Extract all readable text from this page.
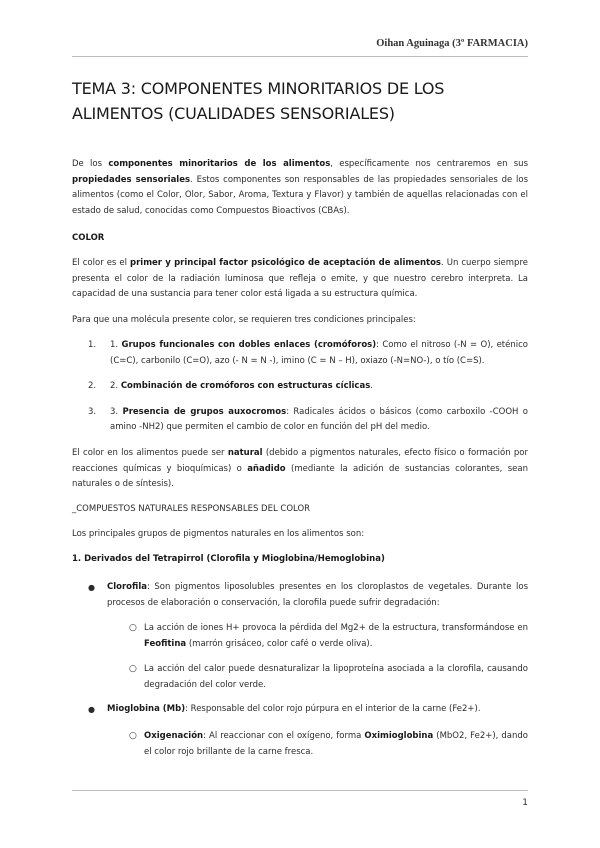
Oihan Aguinaga (3º FARMACIA)
TEMA 3: COMPONENTES MINORITARIOS DE LOS ALIMENTOS (CUALIDADES SENSORIALES)
De los componentes minoritarios de los alimentos, específicamente nos centraremos en sus propiedades sensoriales. Estos componentes son responsables de las propiedades sensoriales de los alimentos (como el Color, Olor, Sabor, Aroma, Textura y Flavor) y también de aquellas relacionadas con el estado de salud, conocidas como Compuestos Bioactivos (CBAs).
COLOR
El color es el primer y principal factor psicológico de aceptación de alimentos. Un cuerpo siempre presenta el color de la radiación luminosa que refleja o emite, y que nuestro cerebro interpreta. La capacidad de una sustancia para tener color está ligada a su estructura química.
Para que una molécula presente color, se requieren tres condiciones principales:
1. 1. Grupos funcionales con dobles enlaces (cromóforos): Como el nitroso (-N = O), eténico (C=C), carbonilo (C=O), azo (- N = N -), imino (C = N – H), oxiazo (-N=NO-), o tío (C=S).
2. 2. Combinación de cromóforos con estructuras cíclicas.
3. 3. Presencia de grupos auxocromos: Radicales ácidos o básicos (como carboxilo -COOH o amino -NH2) que permiten el cambio de color en función del pH del medio.
El color en los alimentos puede ser natural (debido a pigmentos naturales, efecto físico o formación por reacciones químicas y bioquímicas) o añadido (mediante la adición de sustancias colorantes, sean naturales o de síntesis).
_COMPUESTOS NATURALES RESPONSABLES DEL COLOR
Los principales grupos de pigmentos naturales en los alimentos son:
1. Derivados del Tetrapirrol (Clorofila y Mioglobina/Hemoglobina)
● Clorofila: Son pigmentos liposolubles presentes en los cloroplastos de vegetales. Durante los procesos de elaboración o conservación, la clorofila puede sufrir degradación:
○ La acción de iones H+ provoca la pérdida del Mg2+ de la estructura, transformándose en Feofitina (marrón grisáceo, color café o verde oliva).
○ La acción del calor puede desnaturalizar la lipoproteína asociada a la clorofila, causando degradación del color verde.
● Mioglobina (Mb): Responsable del color rojo púrpura en el interior de la carne (Fe2+).
○ Oxigenación: Al reaccionar con el oxígeno, forma Oximioglobina (MbO2, Fe2+), dando el color rojo brillante de la carne fresca.
1
